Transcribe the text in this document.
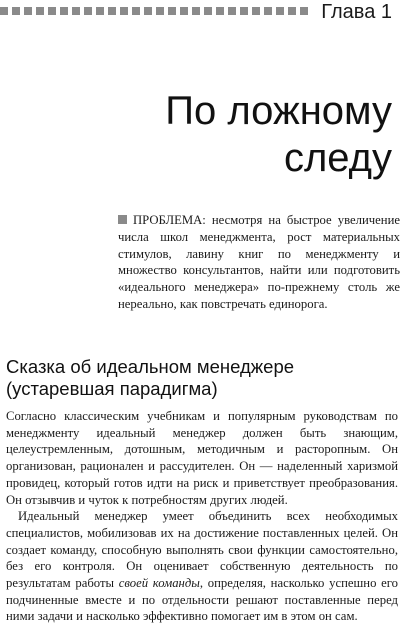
Глава 1
По ложному
следу
ПРОБЛЕМА: несмотря на быстрое увеличение числа школ менеджмента, рост материальных стимулов, лавину книг по менеджменту и множество консультантов, найти или подготовить «идеального менеджера» по-прежнему столь же нереально, как повстречать единорога.
Сказка об идеальном менеджере
(устаревшая парадигма)

Согласно классическим учебникам и популярным руководствам по менеджменту идеальный менеджер должен быть знающим, целеустремленным, дотошным, методичным и расторопным. Он организован, рационален и рассудителен. Он — наделенный харизмой провидец, который готов идти на риск и приветствует преобразования. Он отзывчив и чуток к потребностям других людей.

Идеальный менеджер умеет объединить всех необходимых специалистов, мобилизовав их на достижение поставленных целей. Он создает команду, способную выполнять свои функции самостоятельно, без его контроля. Он оценивает собственную деятельность по результатам работы своей команды, определяя, насколько успешно его подчиненные вместе и по отдельности решают поставленные перед ними задачи и насколько эффективно помогает им в этом он сам.
